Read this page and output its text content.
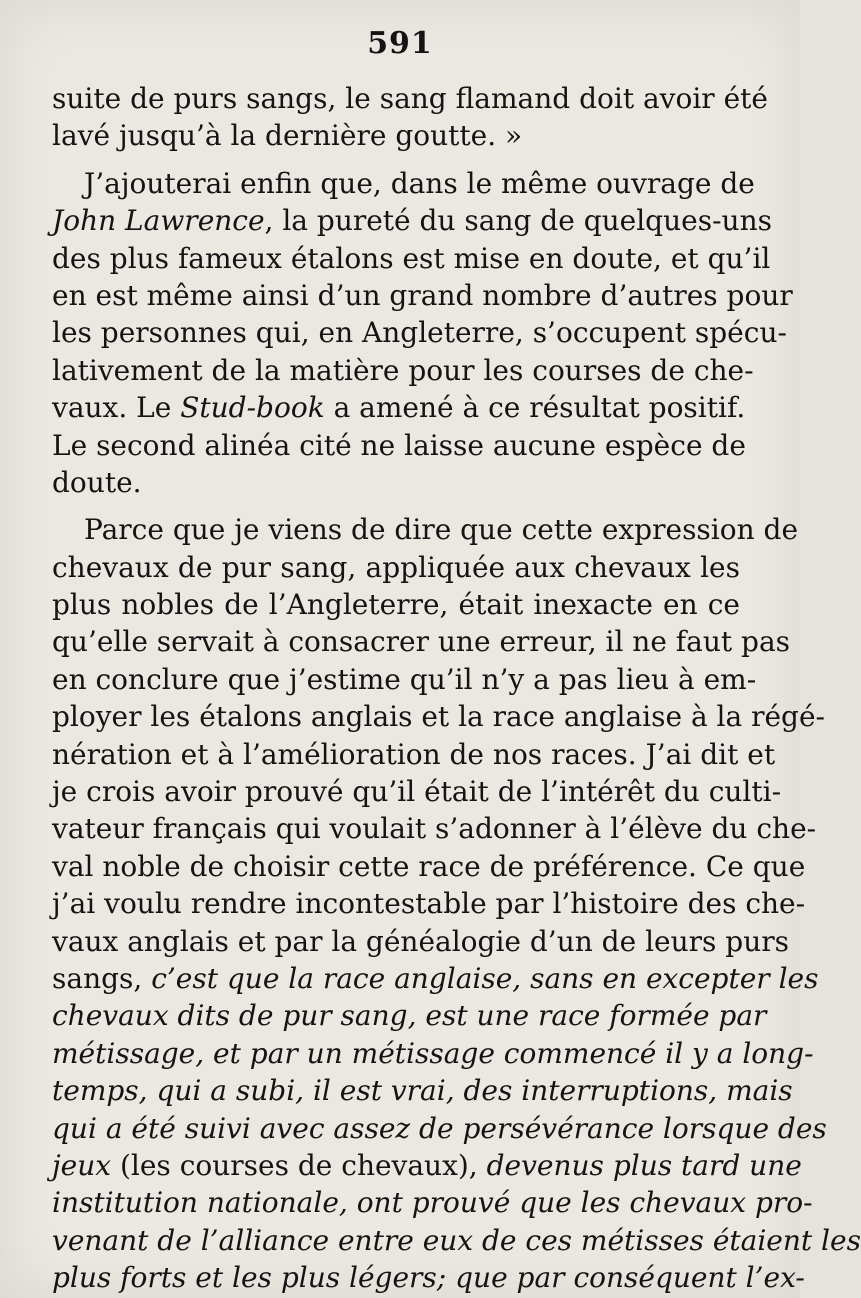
591
suite de purs sangs, le sang flamand doit avoir été
lavé jusqu’à la dernière goutte. »
J’ajouterai enfin que, dans le même ouvrage de
John Lawrence, la pureté du sang de quelques-uns
des plus fameux étalons est mise en doute, et qu’il
en est même ainsi d’un grand nombre d’autres pour
les personnes qui, en Angleterre, s’occupent spécu-
lativement de la matière pour les courses de che-
vaux. Le Stud-book a amené à ce résultat positif.
Le second alinéa cité ne laisse aucune espèce de
doute.
Parce que je viens de dire que cette expression de
chevaux de pur sang, appliquée aux chevaux les
plus nobles de l’Angleterre, était inexacte en ce
qu’elle servait à consacrer une erreur, il ne faut pas
en conclure que j’estime qu’il n’y a pas lieu à em-
ployer les étalons anglais et la race anglaise à la régé-
nération et à l’amélioration de nos races. J’ai dit et
je crois avoir prouvé qu’il était de l’intérêt du culti-
vateur français qui voulait s’adonner à l’élève du che-
val noble de choisir cette race de préférence. Ce que
j’ai voulu rendre incontestable par l’histoire des che-
vaux anglais et par la généalogie d’un de leurs purs
sangs, c’est que la race anglaise, sans en excepter les
chevaux dits de pur sang, est une race formée par
métissage, et par un métissage commencé il y a long-
temps, qui a subi, il est vrai, des interruptions, mais
qui a été suivi avec assez de persévérance lorsque des
jeux (les courses de chevaux), devenus plus tard une
institution nationale, ont prouvé que les chevaux pro-
venant de l’alliance entre eux de ces métisses étaient les
plus forts et les plus légers; que par conséquent l’ex-
